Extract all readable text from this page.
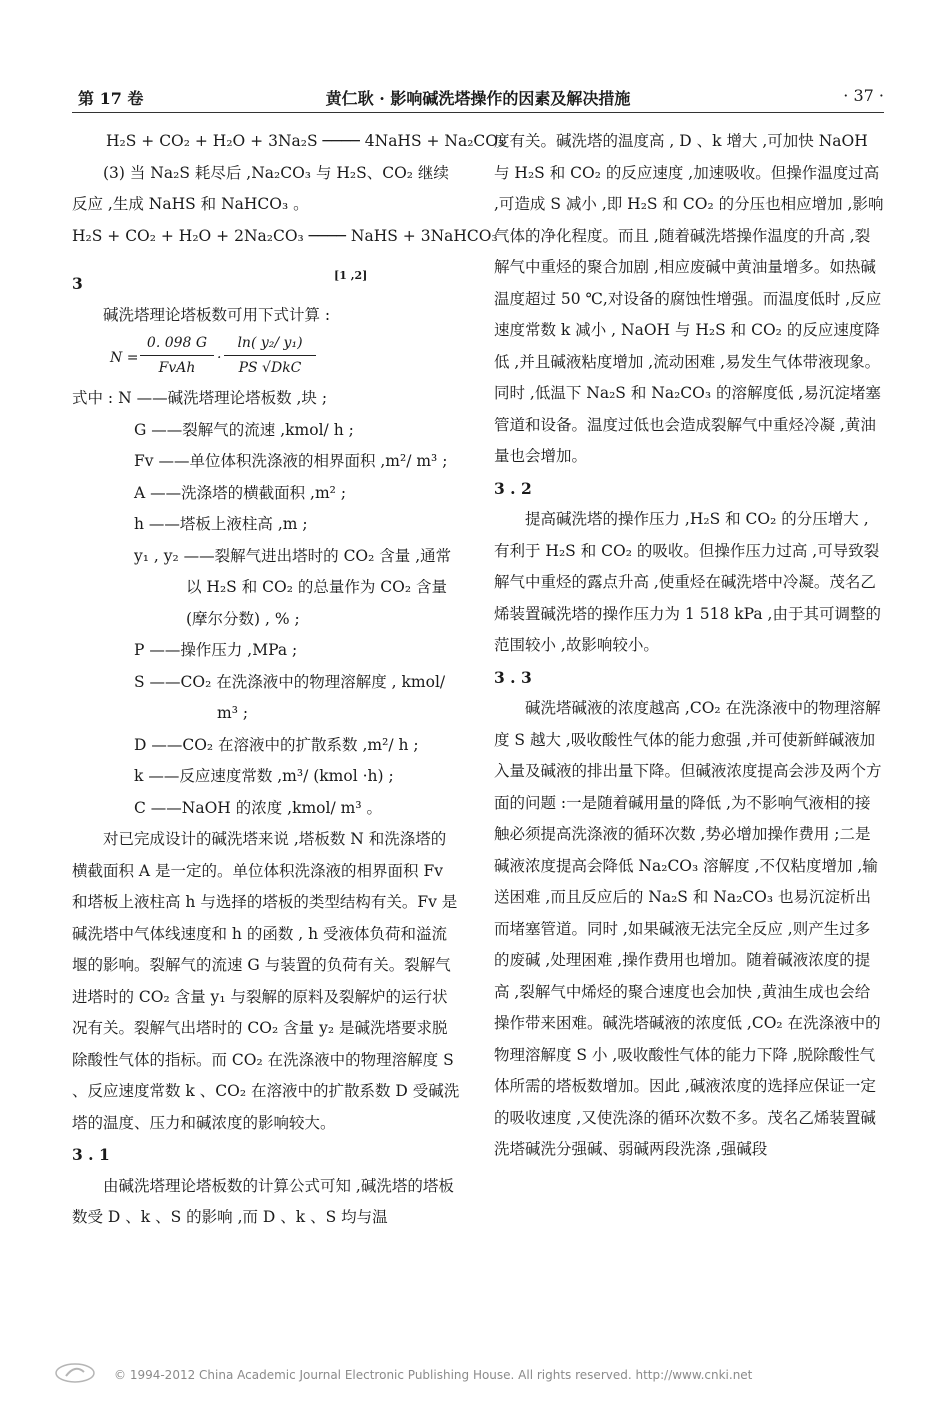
第 17 卷	黄仁耿 · 影响碱洗塔操作的因素及解决措施	· 37 ·

H₂S + CO₂ + H₂O + 3Na₂S ──── 4NaHS + Na₂CO₃

(3) 当 Na₂S 耗尽后 ,Na₂CO₃ 与 H₂S、CO₂ 继续反应 ,生成 NaHS 和 NaHCO₃ 。

H₂S + CO₂ + H₂O + 2Na₂CO₃ ──── NaHS + 3NaHCO₃

3	[1 ,2]

碱洗塔理论塔板数可用下式计算 :

N =
0. 098 G
FvAh
·
ln( y₂/ y₁)
PS √DkC

式中 : N ——碱洗塔理论塔板数 ,块 ;

G ——裂解气的流速 ,kmol/ h ;

Fv ——单位体积洗涤液的相界面积 ,m²/ m³ ;

A ——洗涤塔的横截面积 ,m² ;

h ——塔板上液柱高 ,m ;

y₁ , y₂ ——裂解气进出塔时的 CO₂ 含量 ,通常

以 H₂S 和 CO₂ 的总量作为 CO₂ 含量

(摩尔分数) , % ;

P ——操作压力 ,MPa ;

S ——CO₂ 在洗涤液中的物理溶解度 , kmol/

m³ ;

D ——CO₂ 在溶液中的扩散系数 ,m²/ h ;

k ——反应速度常数 ,m³/ (kmol ·h) ;

C ——NaOH 的浓度 ,kmol/ m³ 。

对已完成设计的碱洗塔来说 ,塔板数 N 和洗涤塔的横截面积 A 是一定的。单位体积洗涤液的相界面积 Fv 和塔板上液柱高 h 与选择的塔板的类型结构有关。Fv 是碱洗塔中气体线速度和 h 的函数 , h 受液体负荷和溢流堰的影响。裂解气的流速 G 与装置的负荷有关。裂解气进塔时的 CO₂ 含量 y₁ 与裂解的原料及裂解炉的运行状况有关。裂解气出塔时的 CO₂ 含量 y₂ 是碱洗塔要求脱除酸性气体的指标。而 CO₂ 在洗涤液中的物理溶解度 S 、反应速度常数 k 、CO₂ 在溶液中的扩散系数 D 受碱洗塔的温度、压力和碱浓度的影响较大。

3 . 1

由碱洗塔理论塔板数的计算公式可知 ,碱洗塔的塔板数受 D 、k 、S 的影响 ,而 D 、k 、S 均与温

度有关。碱洗塔的温度高 , D 、k 增大 ,可加快 NaOH 与 H₂S 和 CO₂ 的反应速度 ,加速吸收。但操作温度过高 ,可造成 S 减小 ,即 H₂S 和 CO₂ 的分压也相应增加 ,影响气体的净化程度。而且 ,随着碱洗塔操作温度的升高 ,裂解气中重烃的聚合加剧 ,相应废碱中黄油量增多。如热碱温度超过 50 ℃,对设备的腐蚀性增强。而温度低时 ,反应速度常数 k 减小 , NaOH 与 H₂S 和 CO₂ 的反应速度降低 ,并且碱液粘度增加 ,流动困难 ,易发生气体带液现象。同时 ,低温下 Na₂S 和 Na₂CO₃ 的溶解度低 ,易沉淀堵塞管道和设备。温度过低也会造成裂解气中重烃冷凝 ,黄油量也会增加。

3 . 2

提高碱洗塔的操作压力 ,H₂S 和 CO₂ 的分压增大 ,有利于 H₂S 和 CO₂ 的吸收。但操作压力过高 ,可导致裂解气中重烃的露点升高 ,使重烃在碱洗塔中冷凝。茂名乙烯装置碱洗塔的操作压力为 1 518 kPa ,由于其可调整的范围较小 ,故影响较小。

3 . 3

碱洗塔碱液的浓度越高 ,CO₂ 在洗涤液中的物理溶解度 S 越大 ,吸收酸性气体的能力愈强 ,并可使新鲜碱液加入量及碱液的排出量下降。但碱液浓度提高会涉及两个方面的问题 :一是随着碱用量的降低 ,为不影响气液相的接触必须提高洗涤液的循环次数 ,势必增加操作费用 ;二是碱液浓度提高会降低 Na₂CO₃ 溶解度 ,不仅粘度增加 ,输送困难 ,而且反应后的 Na₂S 和 Na₂CO₃ 也易沉淀析出而堵塞管道。同时 ,如果碱液无法完全反应 ,则产生过多的废碱 ,处理困难 ,操作费用也增加。随着碱液浓度的提高 ,裂解气中烯烃的聚合速度也会加快 ,黄油生成也会给操作带来困难。碱洗塔碱液的浓度低 ,CO₂ 在洗涤液中的物理溶解度 S 小 ,吸收酸性气体的能力下降 ,脱除酸性气体所需的塔板数增加。因此 ,碱液浓度的选择应保证一定的吸收速度 ,又使洗涤的循环次数不多。茂名乙烯装置碱洗塔碱洗分强碱、弱碱两段洗涤 ,强碱段

© 1994-2012 China Academic Journal Electronic Publishing House. All rights reserved. http://www.cnki.net
